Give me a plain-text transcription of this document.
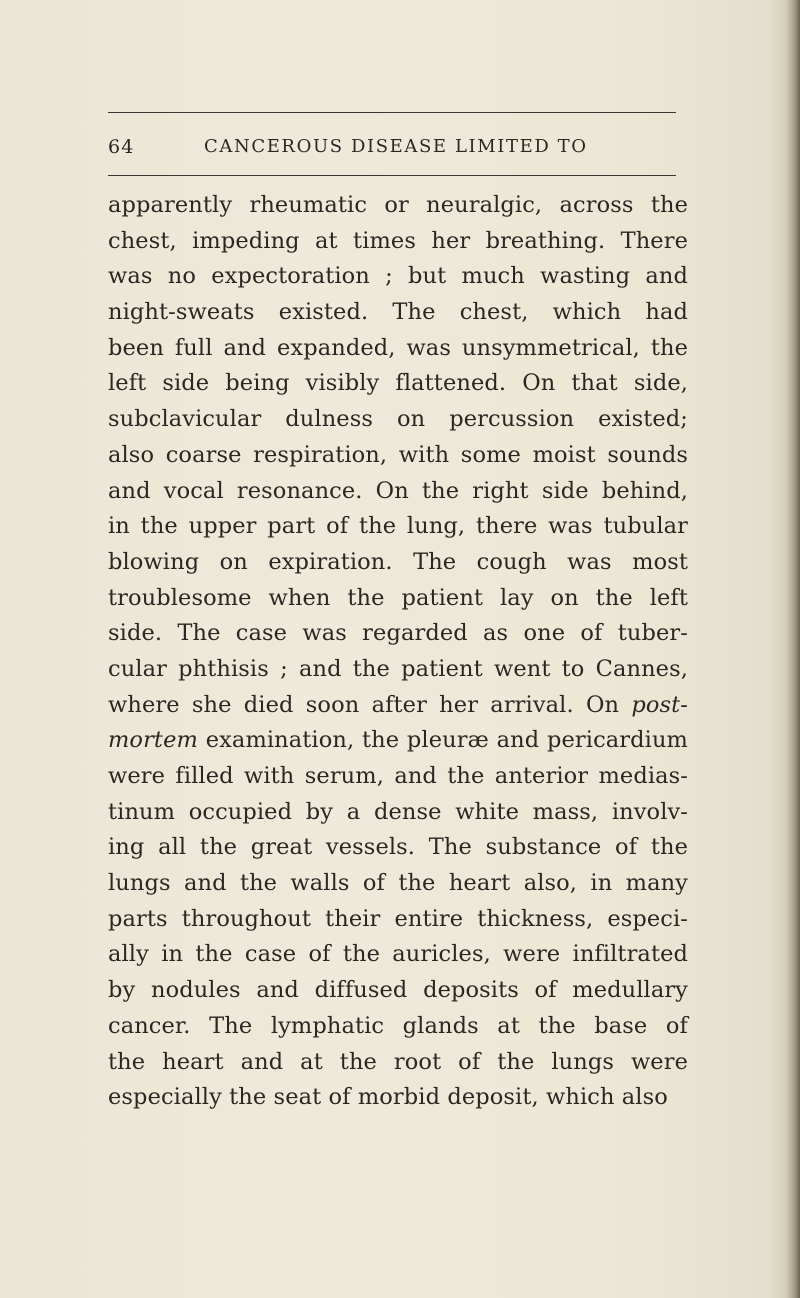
64	CANCEROUS DISEASE LIMITED TO
apparently rheumatic or neuralgic, across the
chest, impeding at times her breathing. There
was no expectoration ; but much wasting and
night-sweats existed. The chest, which had
been full and expanded, was unsymmetrical, the
left side being visibly flattened. On that side,
subclavicular dulness on percussion existed;
also coarse respiration, with some moist sounds
and vocal resonance. On the right side behind,
in the upper part of the lung, there was tubular
blowing on expiration. The cough was most
troublesome when the patient lay on the left
side. The case was regarded as one of tuber-
cular phthisis ; and the patient went to Cannes,
where she died soon after her arrival. On post-
mortem examination, the pleuræ and pericardium
were filled with serum, and the anterior medias-
tinum occupied by a dense white mass, involv-
ing all the great vessels. The substance of the
lungs and the walls of the heart also, in many
parts throughout their entire thickness, especi-
ally in the case of the auricles, were infiltrated
by nodules and diffused deposits of medullary
cancer. The lymphatic glands at the base of
the heart and at the root of the lungs were
especially the seat of morbid deposit, which also
